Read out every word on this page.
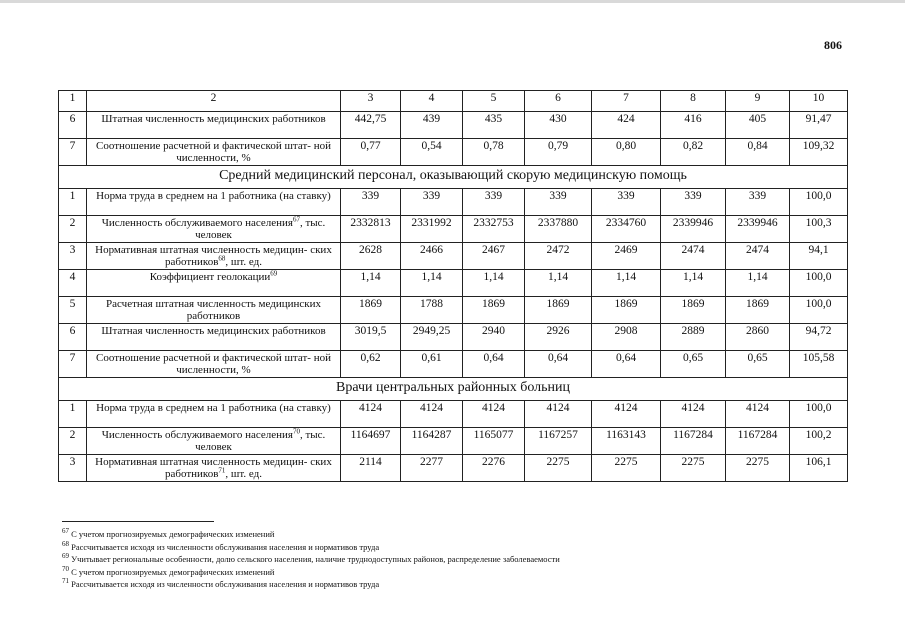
806
1	2	3	4	5	6	7	8	9	10
6	Штатная численность медицинских работников	442,75	439	435	430	424	416	405	91,47
7	Соотношение расчетной и фактической штат- ной численности, %	0,77	0,54	0,78	0,79	0,80	0,82	0,84	109,32
Средний медицинский персонал, оказывающий скорую медицинскую помощь									
1	Норма труда в среднем на 1 работника (на ставку)	339	339	339	339	339	339	339	100,0
2	Численность обслуживаемого населения$^{67}$, тыс. человек	2332813	2331992	2332753	2337880	2334760	2339946	2339946	100,3
3	Нормативная штатная численность медицин- ских работников$^{68}$, шт. ед.	2628	2466	2467	2472	2469	2474	2474	94,1
4	Коэффициент геолокации$^{69}$	1,14	1,14	1,14	1,14	1,14	1,14	1,14	100,0
5	Расчетная штатная численность медицинских работников	1869	1788	1869	1869	1869	1869	1869	100,0
6	Штатная численность медицинских работников	3019,5	2949,25	2940	2926	2908	2889	2860	94,72
7	Соотношение расчетной и фактической штат- ной численности, %	0,62	0,61	0,64	0,64	0,64	0,65	0,65	105,58
Врачи центральных районных больниц									
1	Норма труда в среднем на 1 работника (на ставку)	4124	4124	4124	4124	4124	4124	4124	100,0
2	Численность обслуживаемого населения$^{70}$, тыс. человек	1164697	1164287	1165077	1167257	1163143	1167284	1167284	100,2
3	Нормативная штатная численность медицин- ских работников$^{71}$, шт. ед.	2114	2277	2276	2275	2275	2275	2275	106,1
$^{67}$ С учетом прогнозируемых демографических изменений
$^{68}$ Рассчитывается исходя из численности обслуживания населения и нормативов труда
$^{69}$ Учитывает региональные особенности, долю сельского населения, наличие труднодоступных районов, распределение заболеваемости
$^{70}$ С учетом прогнозируемых демографических изменений
$^{71}$ Рассчитывается исходя из численности обслуживания населения и нормативов труда
